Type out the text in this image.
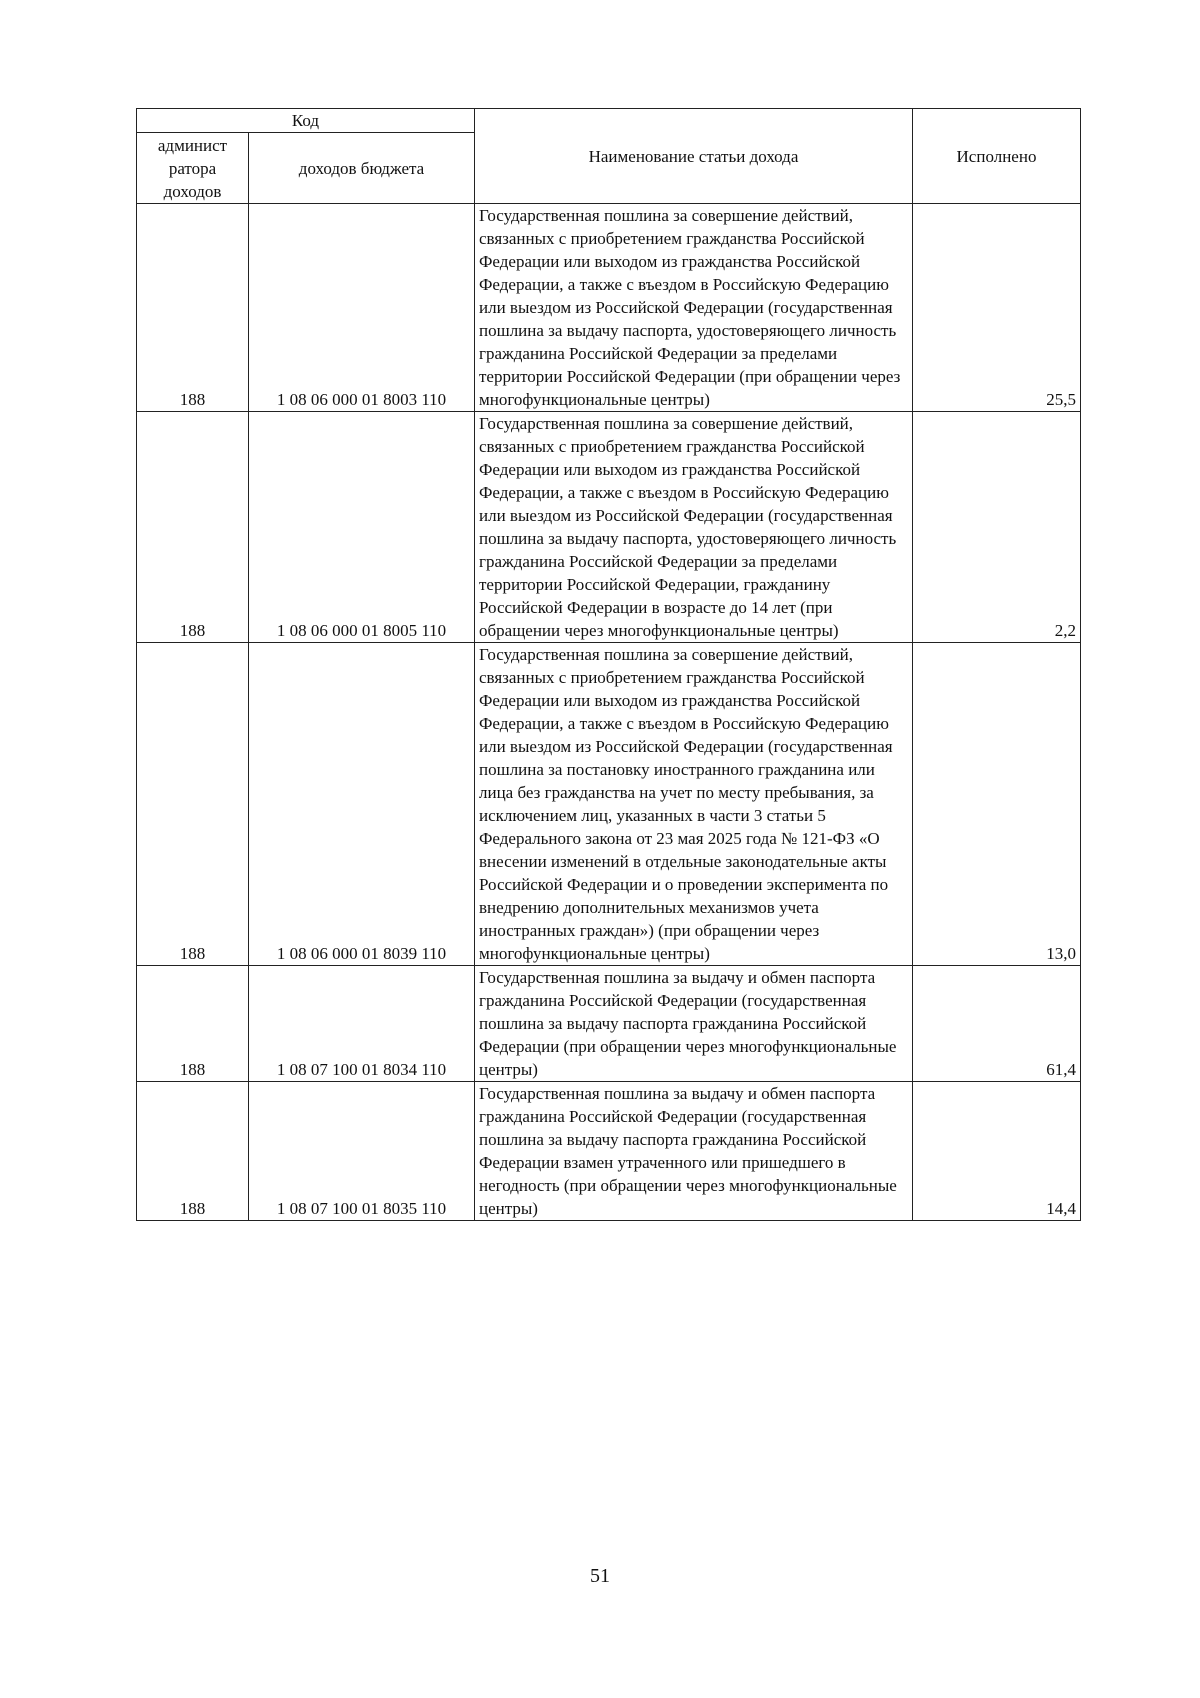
Код		Наименование статьи дохода	Исполнено
админист ратора доходов	доходов бюджета		
188	1 08 06 000 01 8003 110	Государственная пошлина за совершение действий, связанных с приобретением гражданства Российской Федерации или выходом из гражданства Российской Федерации, а также с въездом в Российскую Федерацию или выездом из Российской Федерации (государственная пошлина за выдачу паспорта, удостоверяющего личность гражданина Российской Федерации за пределами территории Российской Федерации (при обращении через многофункциональные центры)	25,5
188	1 08 06 000 01 8005 110	Государственная пошлина за совершение действий, связанных с приобретением гражданства Российской Федерации или выходом из гражданства Российской Федерации, а также с въездом в Российскую Федерацию или выездом из Российской Федерации (государственная пошлина за выдачу паспорта, удостоверяющего личность гражданина Российской Федерации за пределами территории Российской Федерации, гражданину Российской Федерации в возрасте до 14 лет (при обращении через многофункциональные центры)	2,2
188	1 08 06 000 01 8039 110	Государственная пошлина за совершение действий, связанных с приобретением гражданства Российской Федерации или выходом из гражданства Российской Федерации, а также с въездом в Российскую Федерацию или выездом из Российской Федерации (государственная пошлина за постановку иностранного гражданина или лица без гражданства на учет по месту пребывания, за исключением лиц, указанных в части 3 статьи 5 Федерального закона от 23 мая 2025 года № 121-ФЗ «О внесении изменений в отдельные законодательные акты Российской Федерации и о проведении эксперимента по внедрению дополнительных механизмов учета иностранных граждан») (при обращении через многофункциональные центры)	13,0
188	1 08 07 100 01 8034 110	Государственная пошлина за выдачу и обмен паспорта гражданина Российской Федерации (государственная пошлина за выдачу паспорта гражданина Российской Федерации (при обращении через многофункциональные центры)	61,4
188	1 08 07 100 01 8035 110	Государственная пошлина за выдачу и обмен паспорта гражданина Российской Федерации (государственная пошлина за выдачу паспорта гражданина Российской Федерации взамен утраченного или пришедшего в негодность (при обращении через многофункциональные центры)	14,4
51
